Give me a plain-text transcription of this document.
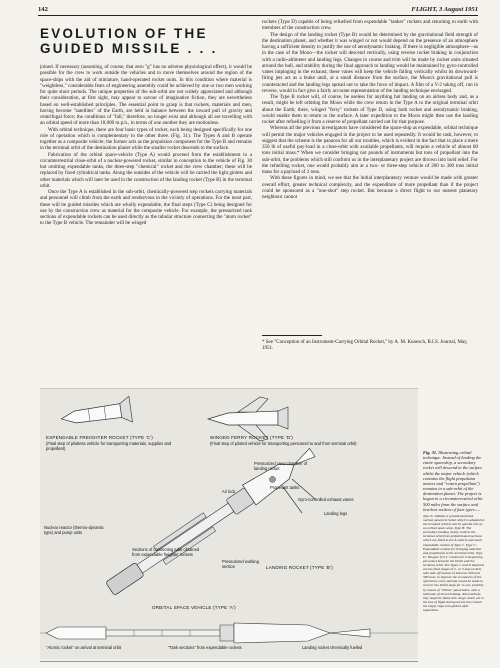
142	FLIGHT, 3 August 1951
EVOLUTION OF THE
GUIDED MISSILE . . .

joined. If necessary (assuming, of course, that zero "g" has no adverse physiological effect), it would be possible for the crew to work outside the vehicles and to move themselves around the region of the space-ships with the aid of miniature, hand-operated rocket units. In this condition where material is "weightless," considerable feats of engineering assembly could be achieved by one or two men working for quite short periods. The unique properties of the sub-orbit are not widely appreciated and although their consideration, at first sight, may appear to savour of imaginative fiction, they are nevertheless based on well-established principles. The essential point to grasp is that rockets, materials and men, having become "satellites" of the Earth, are held in balance between the inward pull of gravity and centrifugal force; the conditions of "fall," therefore, no longer exist and although all are travelling with an orbital speed of more than 18,000 m.p.h., in terms of one another they are motionless.

With orbital technique, there are four basic types of rocket, each being designed specifically for one role of operation which is complementary to the other three. (Fig. 31). The Types A and B operate together as a composite vehicle; the former acts as the propulsion component for the Type B and remains in the terminal orbit of the destination planet while the smaller rocket descends to the surface.

Fabrication of the orbital space-vehicle (Type A) would proceed from the establishment in a circumterrestrial close-orbit of a nuclear-powered rocket, similar in conception to the vehicle of Fig. 30 but omitting expendable tanks, the three-step "chemical" rocket and the crew chamber; these will be replaced by fixed cylindrical tanks. Along the outsides of the vehicle will be carried the light girders and other materials which will later be used in the construction of the landing rocket (Type B) in the terminal orbit.

Once the Type A is established in the sub-orbit, chemically-powered step rockets carrying materials and personnel will climb from the earth and rendezvous in the vicinity of operations. For the most part, these will be guided missiles which are wholly expendable, the final steps (Type C) being designed for use by the construction crew as material for the composite vehicle. For example, the pressurized tank sections of expendable rockets can be used directly as the tubular structure connecting the "atom rocket" to the Type B vehicle. The remainder will be winged

rockets (Type D) capable of being refuelled from expendable "tanker" rockets and returning to earth with members of the construction crew.

The design of the landing rocket (Type B) would be determined by the gravitational field strength of the destination planet, and whether it was winged or not would depend on the presence of an atmosphere having a sufficient density to justify the use of aerodynamic braking. If there is negligible atmosphere—as in the case of the Moon—the rocket will descend vertically, using reverse rocket braking in conjunction with a radio-altimeter and landing legs. Changes in course and trim will be made by rocket units situated around the hull, and stability during the final approach to landing would be maintained by gyro-controlled vanes impinging in the exhaust; these vanes will keep the vehicle falling vertically whilst its downward-firing jets act as a brake until, at a small distance from the surface, the Moon's gravitational pull is counteracted and the landing legs spread out to take the force of impact. A film of a V-2 taking off, run in reverse, would in fact give a fairly accurate representation of the landing technique envisaged.

The Type B rocket will, of course, be useless for anything but landing on an airless body and, as a result, might be left orbiting the Moon while the crew return in the Type A to the original terminal orbit about the Earth; there, winged "ferry" rockets of Type D, using both rocket and aerodynamic braking, would enable them to return to the surface. A later expedition to the Moon might then use the landing rocket after refuelling it from a reserve of propellant carried out for that purpose.

Whereas all the previous investigators have considered the space-ship as expendable, orbital technique will permit the major vehicles engaged in the project to be used repeatedly. It would be rash, however, to suggest that the scheme is the panacea for all our troubles, which is evident in the fact that to place a mere 350 lb of useful pay-load in a close-orbit with available propellants, will require a vehicle of almost 80 tons initial mass.* When we consider bringing not pounds of instruments but tons of propellant into the sub-orbit, the problems which still confront us in the interplanetary project are thrown into bold relief. For the refuelling rocket, one would probably aim at a two- or three-step vehicle of 200 to 300 tons initial mass for a payload of 2 tons.

With these figures in mind, we see that the initial interplanetary venture would be made with greater overall effort, greater technical complexity, and the expenditure of more propellant than if the project could be sponsored as a "one-shot" step rocket. But because a direct flight to our nearest planetary neighbour cannot

* See "Conception of an Instrument-Carrying Orbital Rocket," by A. M. Kunesch, B.I.S. Journal, May, 1951.
EXPENDABLE FREIGHTER ROCKET (TYPE 'C')
(Final step of pilotless vehicle for transporting materials, supplies and propellant)
WINGED FERRY ROCKET (TYPE 'D')
(Final step of piloted vehicle for transporting personnel to and from terminal orbit)
Pressurized crew chamber of landing rocket
Propellant tanks
Air lock
Gyro-controlled exhaust vanes
Nuclear reactor (thermo-dynamic type) and pump units
Sections of connecting tube obtained from expendable freighter rockets
Pressurized working section
Landing legs
LANDING ROCKET (TYPE 'B')
ORBITAL SPACE VEHICLE (TYPE 'A')
"Atomic rocket" on arrival at terminal orbit	"Tank sections" from expendable rockets	Landing rocket chemically fuelled
Fig. 31. Illustrating orbital technique. Instead of landing the entire spaceship, a secondary rocket will descend to the surface whilst the major vehicle (which contains the flight propulsion motors and "return propellant") remains in a sub-orbit of the destination planet. The project is begun in a circumterrestrial orbit 500 miles from the surface and involves rockets of four types:—
Type A: Initially a ground-launched nuclear-powered rocket which is adapted in the terminal orbit to suit its special role as an orbital space-ship. Type B: The secondary landing rocket, built in the terminal orbit from prefabricated sections which are fitted to the A vehicle and small expendable rockets of Type C. Type C: Expendable rockets for bringing material and propellants to the terminal orbit. Type D: Winged "ferry" rockets for transporting personnel between the Earth and the terminal orbit. The Types C and D depicted are the final stages of 2- or 3-step rockets with take-off masses of between 200 and 300 tons; to improve the economics of the operation, every attempt would be made to recover the initial steps for re-use, possibly by means of "ribbon" parachutes, with a minimum of thrust braking. Alternatively, they might be fitted with wings which act in the line of flight during ascent but convert the empty steps into gliders after separation.
